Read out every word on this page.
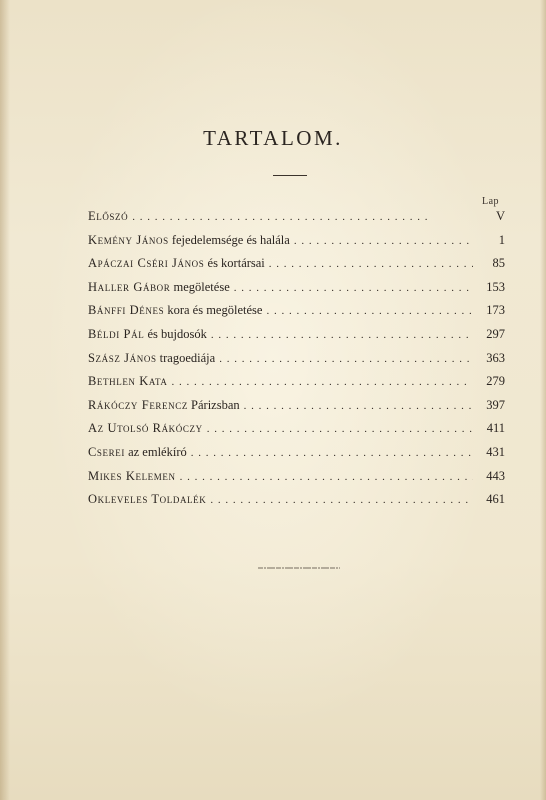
TARTALOM.
Lap
Előszó . . .	V
Kemény János fejedelemsége és halála . . .	1
Apáczai Cséri János és kortársai . . .	85
Haller Gábor megöletése . . .	153
Bánffi Dénes kora és megöletése . . .	173
Béldi Pál és bujdosók . . .	297
Szász János tragoediája . . .	363
Bethlen Kata . . .	279
Rákóczy Ferencz Párizsban . . .	397
Az Utolsó Rákóczy . . .	411
Cserei az emlékíró . . .	431
Mikes Kelemen . . .	443
Okleveles Toldalék . . .	461
